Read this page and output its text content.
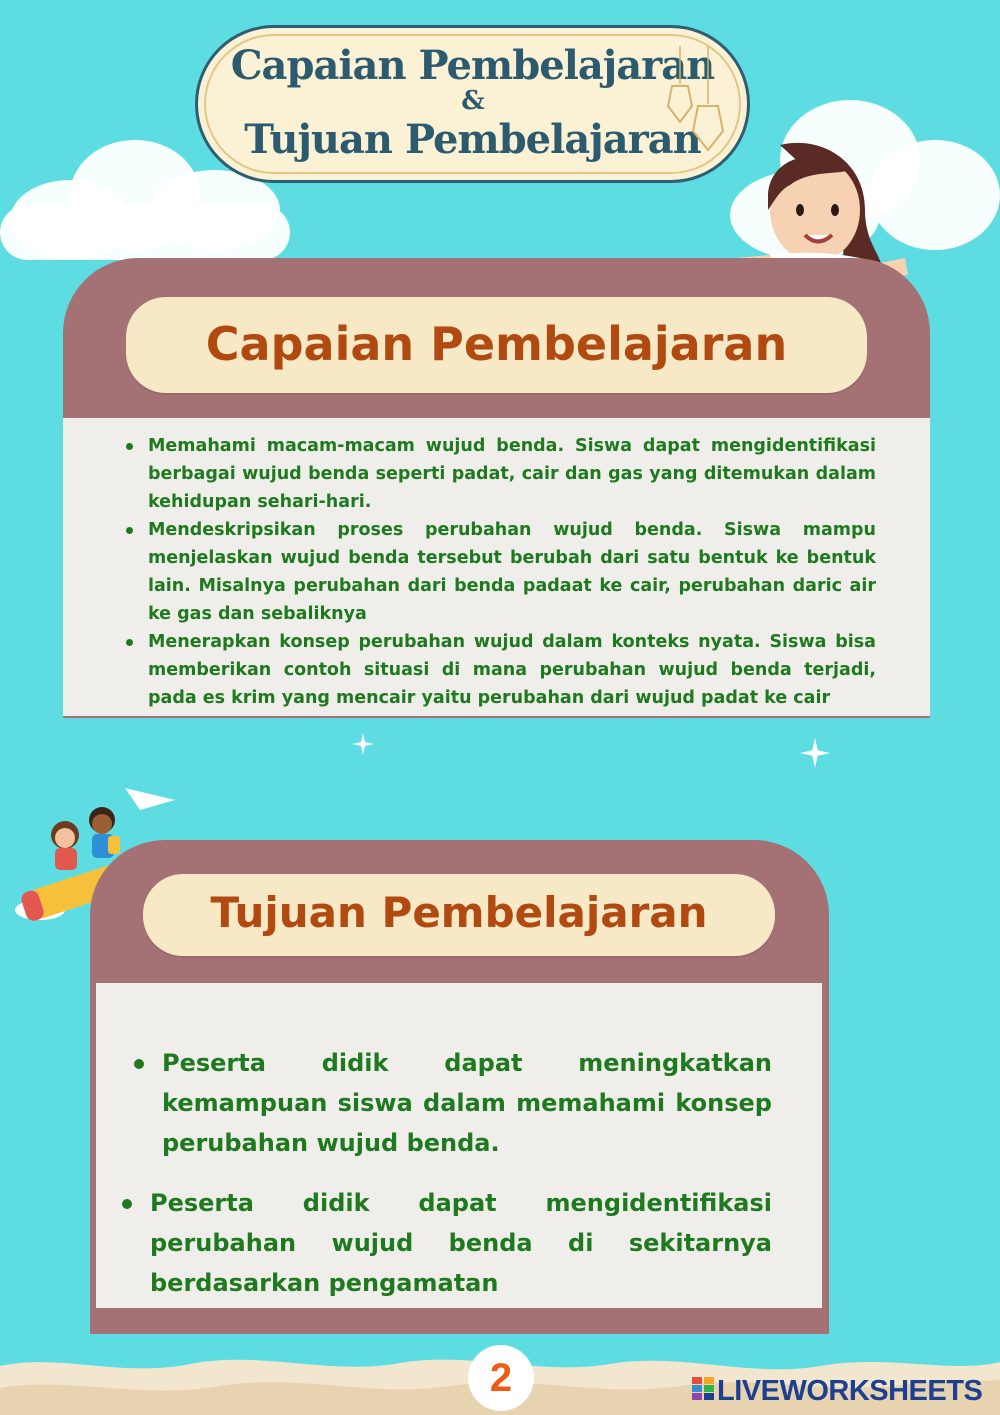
Capaian Pembelajaran
&
Tujuan Pembelajaran
Capaian Pembelajaran
Memahami macam-macam wujud benda. Siswa dapat mengidentifikasi berbagai wujud benda seperti padat, cair dan gas yang ditemukan dalam kehidupan sehari-hari.
Mendeskripsikan proses perubahan wujud benda. Siswa mampu menjelaskan wujud benda tersebut berubah dari satu bentuk ke bentuk lain. Misalnya perubahan dari benda padaat ke cair, perubahan daric air ke gas dan sebaliknya
Menerapkan konsep perubahan wujud dalam konteks nyata. Siswa bisa memberikan contoh situasi di mana perubahan wujud benda terjadi, pada es krim yang mencair yaitu perubahan dari wujud padat ke cair
Tujuan Pembelajaran
Peserta didik dapat meningkatkan kemampuan siswa dalam memahami konsep perubahan wujud benda.
Peserta didik dapat mengidentifikasi perubahan wujud benda di sekitarnya berdasarkan pengamatan
2	LIVEWORKSHEETS
